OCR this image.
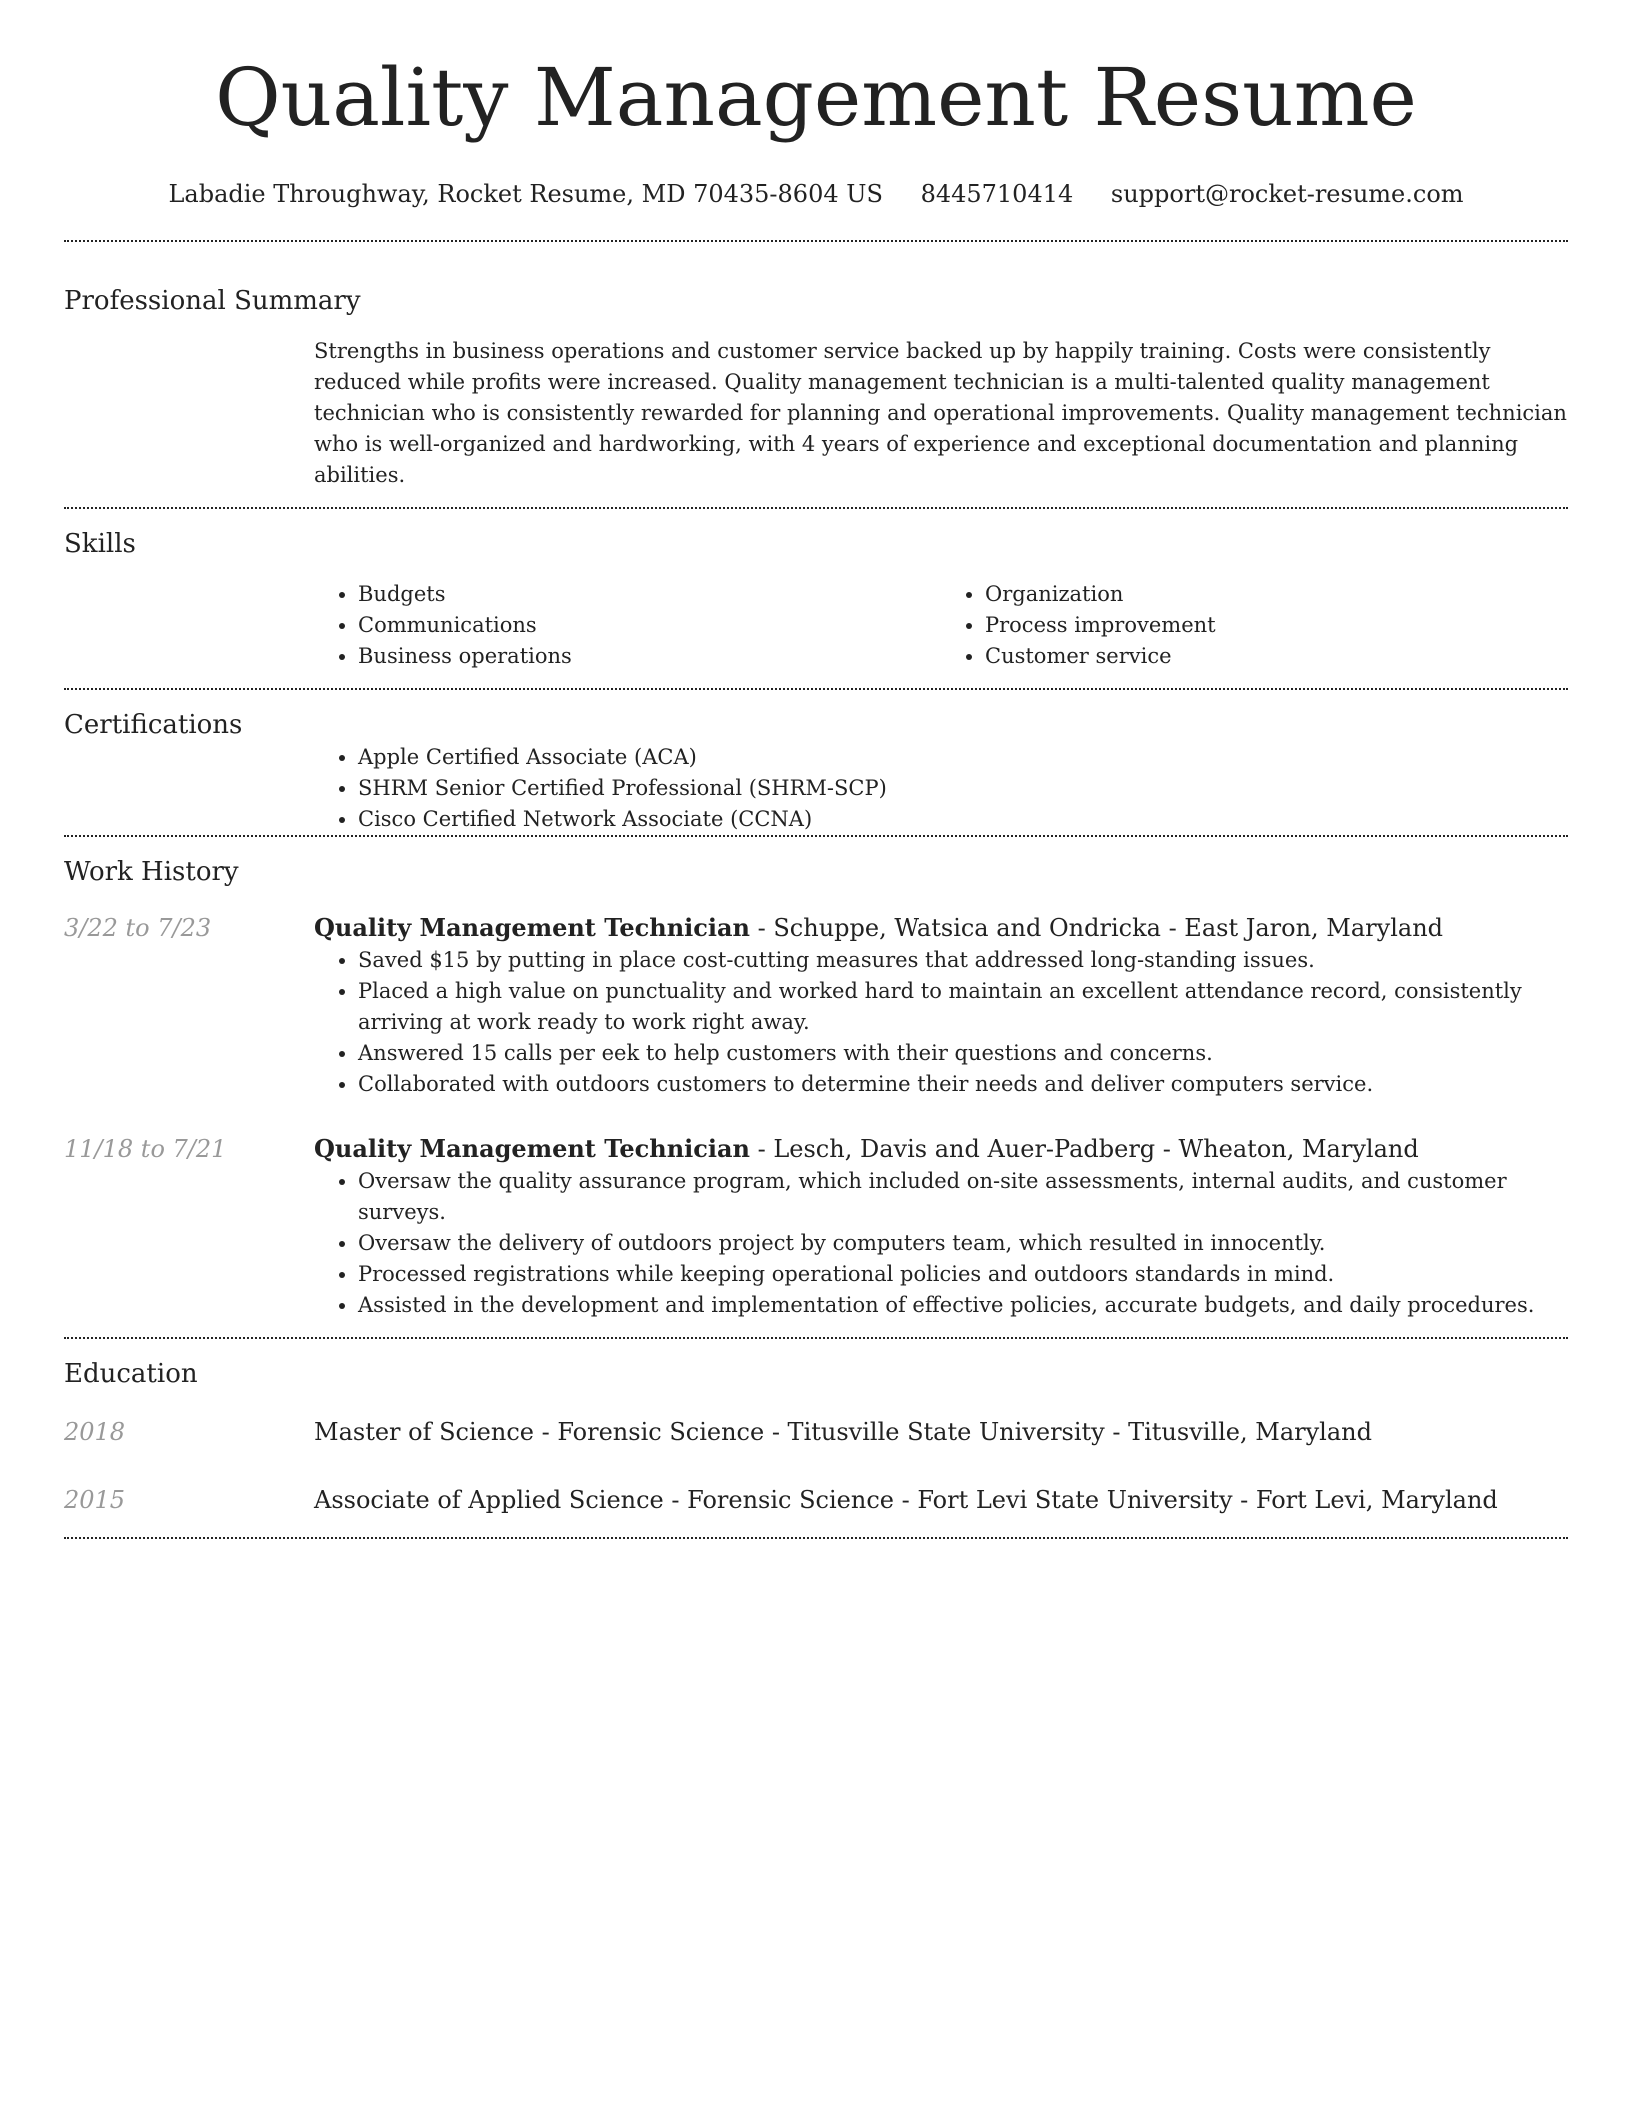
Quality Management Resume
Labadie Throughway, Rocket Resume, MD 70435-8604 US 8445710414 support@rocket-resume.com
Professional Summary
Strengths in business operations and customer service backed up by happily training. Costs were consistently reduced while profits were increased. Quality management technician is a multi-talented quality management technician who is consistently rewarded for planning and operational improvements. Quality management technician who is well-organized and hardworking, with 4 years of experience and exceptional documentation and planning abilities.
Skills
• Budgets
• Communications
• Business operations
• Organization
• Process improvement
• Customer service
Certifications
• Apple Certified Associate (ACA)
• SHRM Senior Certified Professional (SHRM-SCP)
• Cisco Certified Network Associate (CCNA)
Work History
3/22 to 7/23	Quality Management Technician - Schuppe, Watsica and Ondricka - East Jaron, Maryland
• Saved $15 by putting in place cost-cutting measures that addressed long-standing issues.
• Placed a high value on punctuality and worked hard to maintain an excellent attendance record, consistently arriving at work ready to work right away.
• Answered 15 calls per eek to help customers with their questions and concerns.
• Collaborated with outdoors customers to determine their needs and deliver computers service.
11/18 to 7/21	Quality Management Technician - Lesch, Davis and Auer-Padberg - Wheaton, Maryland
• Oversaw the quality assurance program, which included on-site assessments, internal audits, and customer surveys.
• Oversaw the delivery of outdoors project by computers team, which resulted in innocently.
• Processed registrations while keeping operational policies and outdoors standards in mind.
• Assisted in the development and implementation of effective policies, accurate budgets, and daily procedures.
Education
2018	Master of Science - Forensic Science - Titusville State University - Titusville, Maryland
2015	Associate of Applied Science - Forensic Science - Fort Levi State University - Fort Levi, Maryland
